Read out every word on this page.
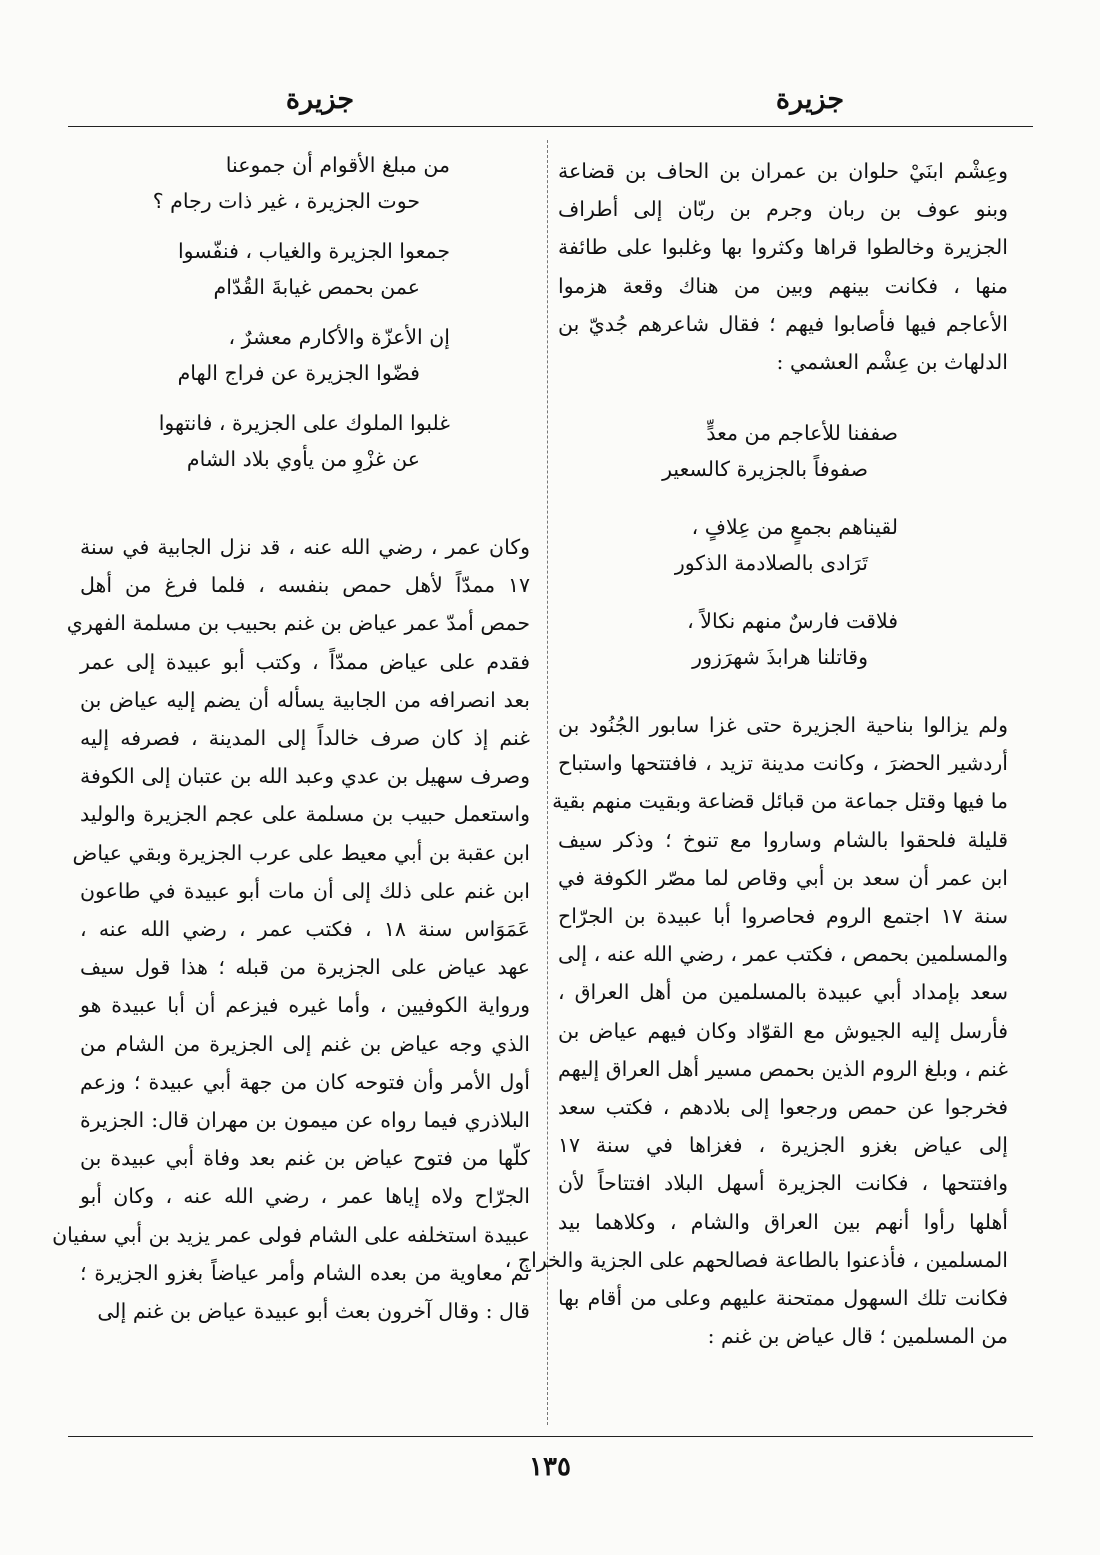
جزيرة
جزيرة
وعِشْم ابنَيْ حلوان بن عمران بن الحاف بن قضاعة
وبنو عوف بن ربان وجرم بن ربّان إلى أطراف
الجزيرة وخالطوا قراها وكثروا بها وغلبوا على طائفة
منها ، فكانت بينهم وبين من هناك وقعة هزموا
الأعاجم فيها فأصابوا فيهم ؛ فقال شاعرهم جُديّ بن
الدلهاث بن عِشْم العشمي :
صففنا للأعاجم من معدٍّ
صفوفاً بالجزيرة كالسعير
لقيناهم بجمعٍ من عِلافٍ ،
تَرَادى بالصلادمة الذكور
فلاقت فارسٌ منهم نكالاً ،
وقاتلنا هرابذَ شهرَزور
ولم يزالوا بناحية الجزيرة حتى غزا سابور الجُنُود بن
أردشير الحضرَ ، وكانت مدينة تزيد ، فافتتحها واستباح
ما فيها وقتل جماعة من قبائل قضاعة وبقيت منهم بقية
قليلة فلحقوا بالشام وساروا مع تنوخ ؛ وذكر سيف
ابن عمر أن سعد بن أبي وقاص لما مصّر الكوفة في
سنة ١٧ اجتمع الروم فحاصروا أبا عبيدة بن الجرّاح
والمسلمين بحمص ، فكتب عمر ، رضي الله عنه ، إلى
سعد بإمداد أبي عبيدة بالمسلمين من أهل العراق ،
فأرسل إليه الجيوش مع القوّاد وكان فيهم عياض بن
غنم ، وبلغ الروم الذين بحمص مسير أهل العراق إليهم
فخرجوا عن حمص ورجعوا إلى بلادهم ، فكتب سعد
إلى عياض بغزو الجزيرة ، فغزاها في سنة ١٧
وافتتحها ، فكانت الجزيرة أسهل البلاد افتتاحاً لأن
أهلها رأوا أنهم بين العراق والشام ، وكلاهما بيد
المسلمين ، فأذعنوا بالطاعة فصالحهم على الجزية والخراج ،
فكانت تلك السهول ممتحنة عليهم وعلى من أقام بها
من المسلمين ؛ قال عياض بن غنم :
من مبلغ الأقوام أن جموعنا
حوت الجزيرة ، غير ذات رجام ؟
جمعوا الجزيرة والغياب ، فنفّسوا
عمن بحمص غيابةَ القُدّام
إن الأعزّة والأكارم معشرٌ ،
فضّوا الجزيرة عن فراج الهام
غلبوا الملوك على الجزيرة ، فانتهوا
عن غزْوِ من يأوي بلاد الشام
وكان عمر ، رضي الله عنه ، قد نزل الجابية في سنة
١٧ ممدّاً لأهل حمص بنفسه ، فلما فرغ من أهل
حمص أمدّ عمر عياض بن غنم بحبيب بن مسلمة الفهري
فقدم على عياض ممدّاً ، وكتب أبو عبيدة إلى عمر
بعد انصرافه من الجابية يسأله أن يضم إليه عياض بن
غنم إذ كان صرف خالداً إلى المدينة ، فصرفه إليه
وصرف سهيل بن عدي وعبد الله بن عتبان إلى الكوفة
واستعمل حبيب بن مسلمة على عجم الجزيرة والوليد
ابن عقبة بن أبي معيط على عرب الجزيرة وبقي عياض
ابن غنم على ذلك إلى أن مات أبو عبيدة في طاعون
عَمَوَاس سنة ١٨ ، فكتب عمر ، رضي الله عنه ،
عهد عياض على الجزيرة من قبله ؛ هذا قول سيف
ورواية الكوفيين ، وأما غيره فيزعم أن أبا عبيدة هو
الذي وجه عياض بن غنم إلى الجزيرة من الشام من
أول الأمر وأن فتوحه كان من جهة أبي عبيدة ؛ وزعم
البلاذري فيما رواه عن ميمون بن مهران قال: الجزيرة
كلّها من فتوح عياض بن غنم بعد وفاة أبي عبيدة بن
الجرّاح ولاه إياها عمر ، رضي الله عنه ، وكان أبو
عبيدة استخلفه على الشام فولى عمر يزيد بن أبي سفيان
ثم معاوية من بعده الشام وأمر عياضاً بغزو الجزيرة ؛
قال : وقال آخرون بعث أبو عبيدة عياض بن غنم إلى
١٣٥
